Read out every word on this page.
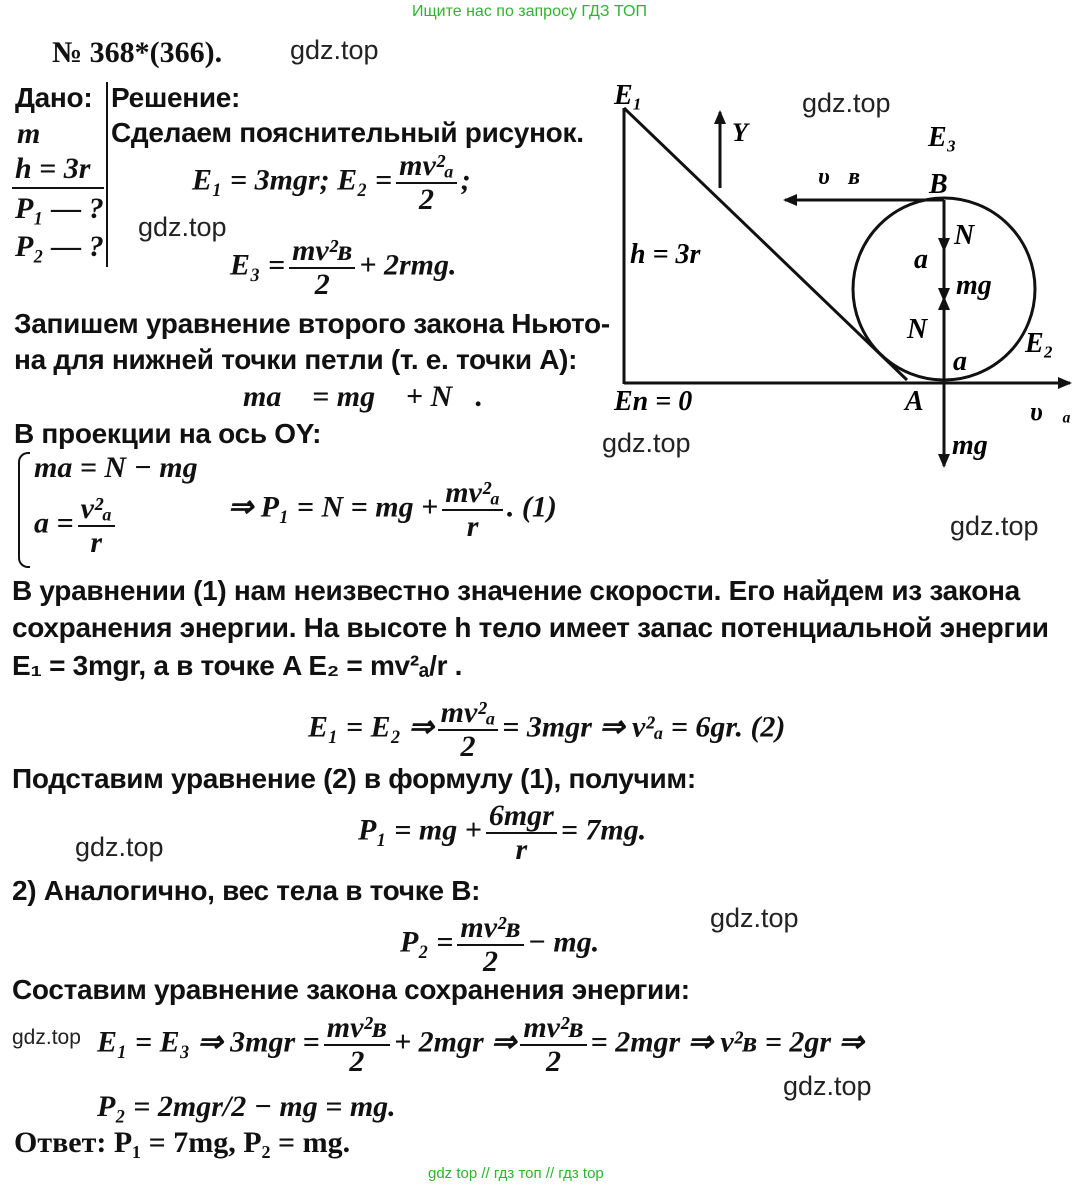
Ищите нас по запросу ГДЗ ТОП
№ 368*(366).	gdz.top
gdz.top
gdz.top
gdz.top
gdz.top
gdz.top
gdz.top
gdz.top
gdz.top
Дано:
m
h = 3r
P₁ — ?
P₂ — ?
Решение:
Сделаем пояснительный рисунок.
E₁ = 3mgr; $E_2 = \frac{\text{mv²ₐ}}{2}$ ;
$E_3 = \frac{\text{mv²ʙ}}{2} + 2rmg$.
Запишем уравнение второго закона Ньюто-
на для нижней точки петли (т. е. точки A):
ma⃗ = mg⃗ + N⃗.
В проекции на ось OY:
ma = N − mg
$a = \frac{\text{v²ₐ}}{r}$	⇒ P₁ = N = mg + $\frac{\text{mv²ₐ}}{r}$ . (1)
В уравнении (1) нам неизвестно значение скорости. Его найдем из закона
сохранения энергии. На высоте h тело имеет запас потенциальной энергии
E₁ = 3mgr, а в точке A E₂ = mv²ₐ/r .
E₁ = E₂ ⇒ $\frac{\text{mv²ₐ}}{2} = 3mgr$ ⇒ v²ₐ = 6gr. (2)
Подставим уравнение (2) в формулу (1), получим:
P₁ = mg + $\frac{\text{6mgr}}{r} = 7mg$.
2) Аналогично, вес тела в точке B:
$P_2 = \frac{\text{mv²ʙ}}{2}$ − mg.
Составим уравнение закона сохранения энергии:
E₁ = E₃ ⇒ $3mgr = \frac{\text{mv²ʙ}}{2} + 2mgr$ ⇒ $\frac{\text{mv²ʙ}}{2} = 2mgr$ ⇒ v²ʙ = 2gr ⇒
P₂ = 2mgr/2 − mg = mg.
Ответ: P₁ = 7mg, P₂ = mg.
E₁
Y	E₃
υ⃗ʙ B
N⃗
a⃗
mg⃗
h = 3r
N⃗
a⃗
E₂
Eп = 0	A	υ⃗ₐ
mg⃗
gdz top // гдз топ // гдз top
